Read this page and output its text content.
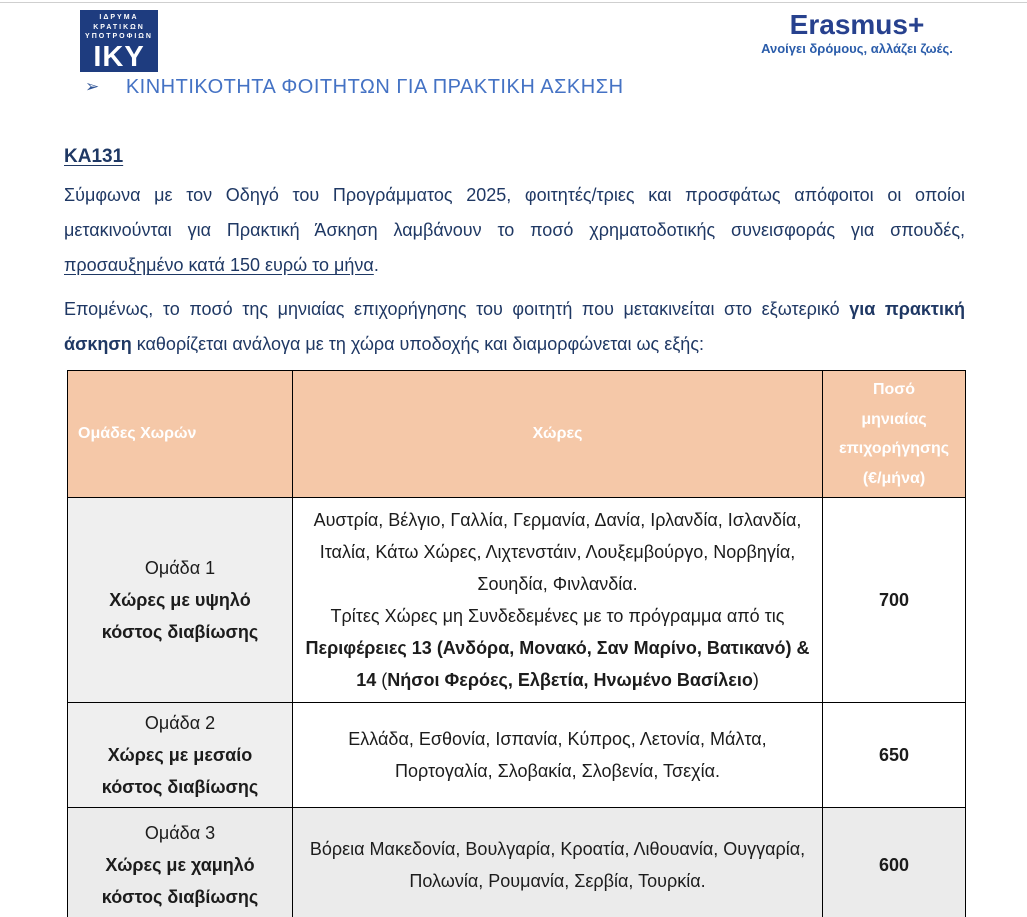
ΙΔΡΥΜΑ
ΚΡΑΤΙΚΩΝ
ΥΠΟΤΡΟΦΙΩΝ
IKY
Erasmus+
Ανοίγει δρόμους, αλλάζει ζωές.
➢ ΚΙΝΗΤΙΚΟΤΗΤΑ ΦΟΙΤΗΤΩΝ ΓΙΑ ΠΡΑΚΤΙΚΗ ΑΣΚΗΣΗ
ΚΑ131

Σύμφωνα με τον Οδηγό του Προγράμματος 2025, φοιτητές/τριες και προσφάτως απόφοιτοι οι οποίοι μετακινούνται για Πρακτική Άσκηση λαμβάνουν το ποσό χρηματοδοτικής συνεισφοράς για σπουδές, προσαυξημένο κατά 150 ευρώ το μήνα.

Επομένως, το ποσό της μηνιαίας επιχορήγησης του φοιτητή που μετακινείται στο εξωτερικό για πρακτική άσκηση καθορίζεται ανάλογα με τη χώρα υποδοχής και διαμορφώνεται ως εξής:

Ομάδες Χωρών	Χώρες	Ποσό
μηνιαίας
επιχορήγησης
(€/μήνα)
Ομάδα 1
Χώρες με υψηλό
κόστος διαβίωσης	Αυστρία, Βέλγιο, Γαλλία, Γερμανία, Δανία, Ιρλανδία, Ισλανδία, Ιταλία, Κάτω Χώρες, Λιχτενστάιν, Λουξεμβούργο, Νορβηγία, Σουηδία, Φινλανδία.
Τρίτες Χώρες μη Συνδεδεμένες με το πρόγραμμα από τις Περιφέρειες 13 (Ανδόρα, Μονακό, Σαν Μαρίνο, Βατικανό) & 14 (Νήσοι Φερόες, Ελβετία, Ηνωμένο Βασίλειο)	700
Ομάδα 2
Χώρες με μεσαίο
κόστος διαβίωσης	Ελλάδα, Εσθονία, Ισπανία, Κύπρος, Λετονία, Μάλτα, Πορτογαλία, Σλοβακία, Σλοβενία, Τσεχία.	650
Ομάδα 3
Χώρες με χαμηλό
κόστος διαβίωσης	Βόρεια Μακεδονία, Βουλγαρία, Κροατία, Λιθουανία, Ουγγαρία, Πολωνία, Ρουμανία, Σερβία, Τουρκία.	600
